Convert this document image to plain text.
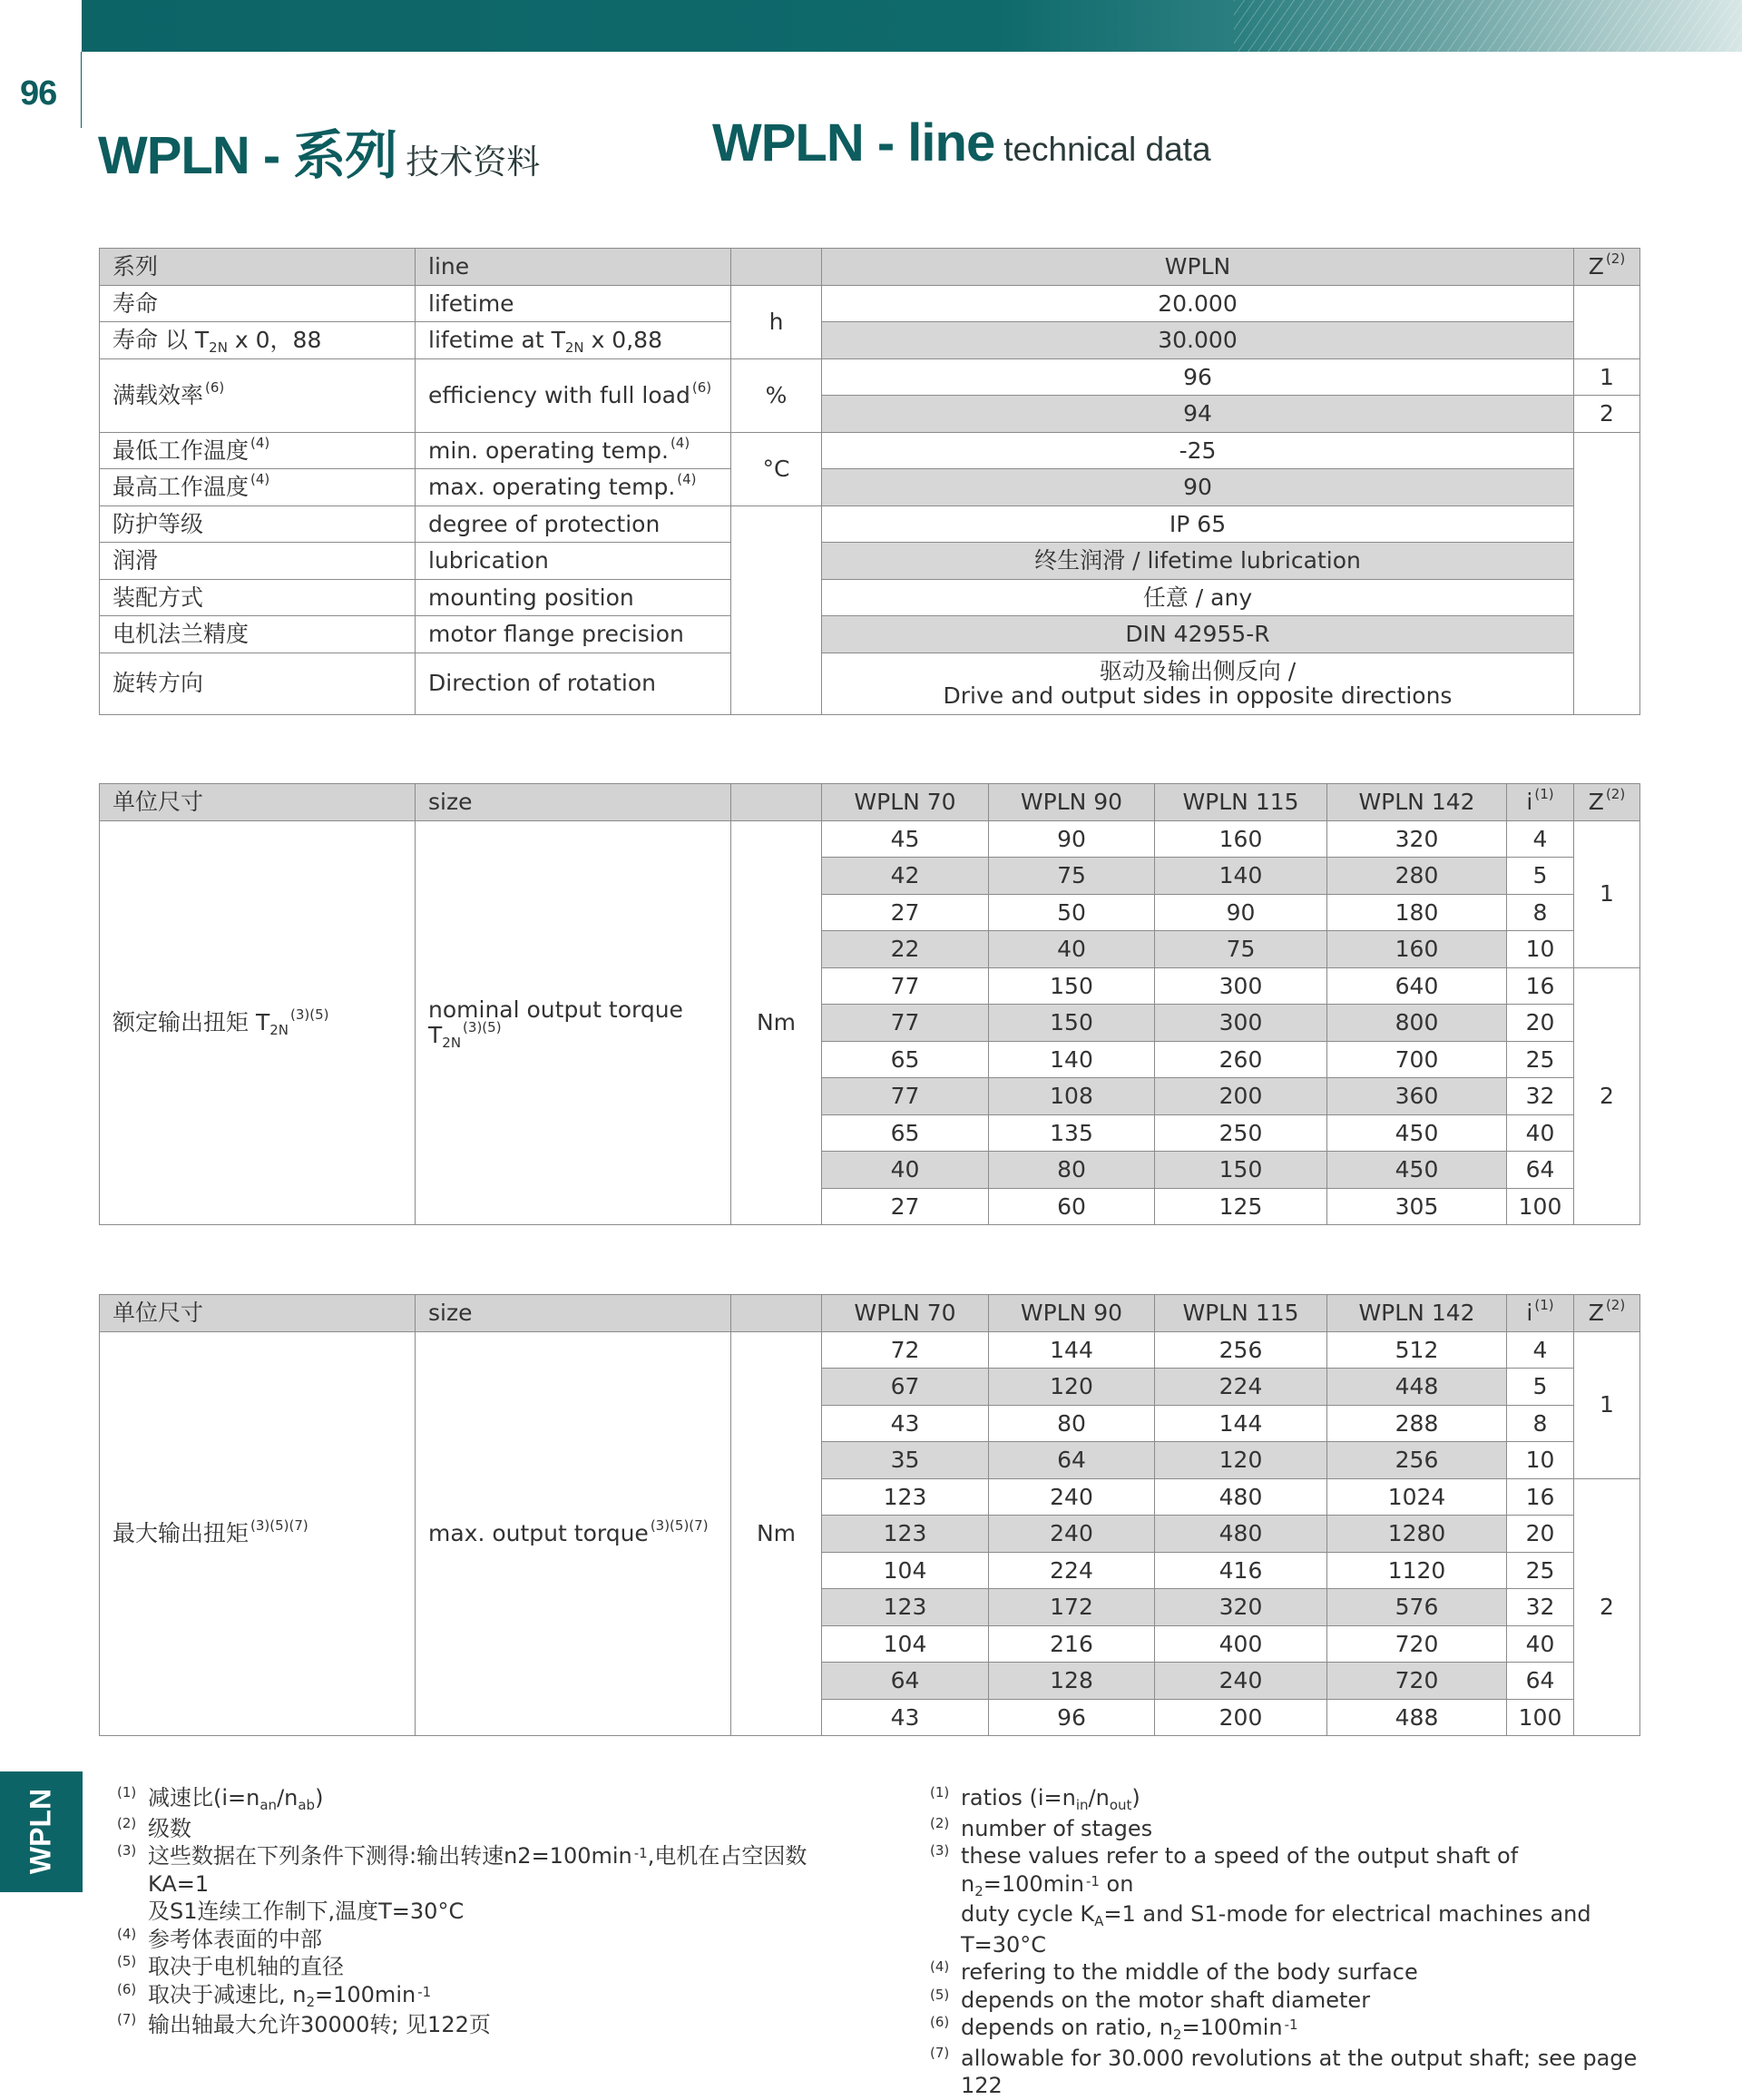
96
WPLN - 系列 技术资料	WPLN - line technical data
系列	line		WPLN	Z $^{(2)}$
寿命	lifetime	h	20.000	
寿命 以 $T_{2N}$ x 0，88	lifetime at $T_{2N}$ x 0,88		30.000	
满载效率 $^{(6)}$	efficiency with full load $^{(6)}$	%	96	1
			94	2
最低工作温度 $^{(4)}$	min. operating temp. $^{(4)}$	°C	-25	
最高工作温度 $^{(4)}$	max. operating temp. $^{(4)}$		90	
防护等级	degree of protection		IP 65	
润滑	lubrication		终生润滑 / lifetime lubrication	
装配方式	mounting position		任意 / any	
电机法兰精度	motor flange precision		DIN 42955-R	
旋转方向	Direction of rotation		驱动及输出侧反向 /
Drive and output sides in opposite directions	
单位尺寸	size		WPLN 70	WPLN 90	WPLN 115	WPLN 142	i $^{(1)}$	Z $^{(2)}$
额定输出扭矩 $T_{2N}^{(3)(5)}$	nominal output torque
$T_{2N}^{(3)(5)}$	Nm	45	90	160	320	4	1
			42	75	140	280	5	
			27	50	90	180	8	
			22	40	75	160	10	
			77	150	300	640	16	2
			77	150	300	800	20	
			65	140	260	700	25	
			77	108	200	360	32	
			65	135	250	450	40	
			40	80	150	450	64	
			27	60	125	305	100	
单位尺寸	size		WPLN 70	WPLN 90	WPLN 115	WPLN 142	i $^{(1)}$	Z $^{(2)}$
最大输出扭矩 $^{(3)(5)(7)}$	max. output torque $^{(3)(5)(7)}$	Nm	72	144	256	512	4	1
			67	120	224	448	5	
			43	80	144	288	8	
			35	64	120	256	10	
			123	240	480	1024	16	2
			123	240	480	1280	20	
			104	224	416	1120	25	
			123	172	320	576	32	
			104	216	400	720	40	
			64	128	240	720	64	
			43	96	200	488	100	
WPLN	(1) 减速比$(i=n_{an}/n_{ab})$
(2) 级数
(3) 这些数据在下列条件下测得:输出转速n2=100min $^{-1}$,电机在占空因数KA=1
及S1连续工作制下,温度T=30°C
(4) 参考体表面的中部
(5) 取决于电机轴的直径
(6) 取决于减速比, $n_2=100\min$ $^{-1}$
(7) 输出轴最大允许30000转; 见122页
(1) ratios $(i=n_{in}/n_{out})$
(2) number of stages
(3) these values refer to a speed of the output shaft of $n_2=100\min$ $^{-1}$ on
duty cycle $K_A=1$ and S1-mode for electrical machines and T=30°C
(4) refering to the middle of the body surface
(5) depends on the motor shaft diameter
(6) depends on ratio, $n_2=100\min$ $^{-1}$
(7) allowable for 30.000 revolutions at the output shaft; see page 122
